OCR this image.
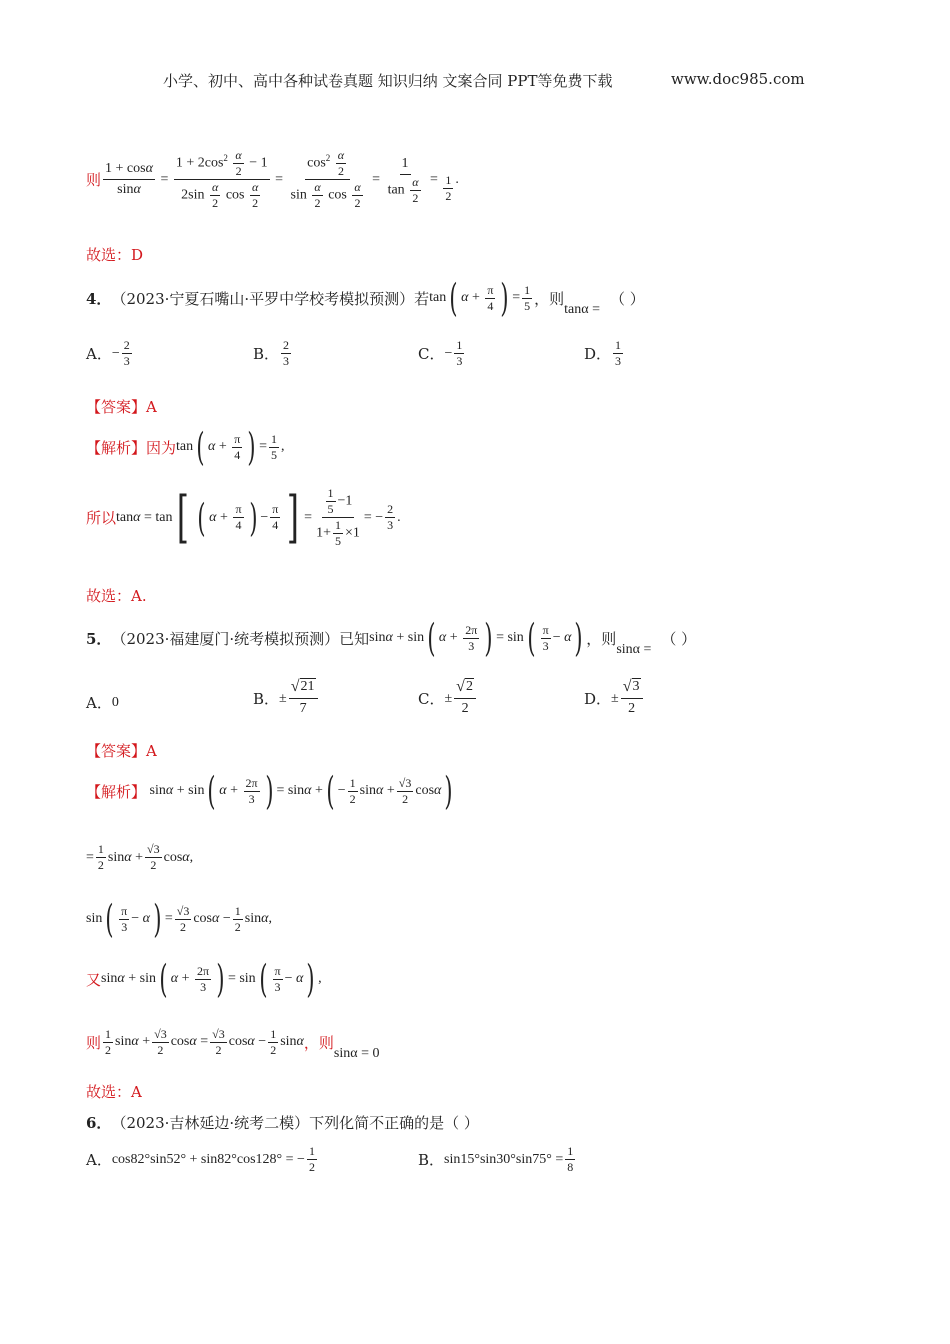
小学、初中、高中各种试卷真题 知识归纳 文案合同 PPT等免费下载	www.doc985.com
则 $\frac{1 + \cos\alpha}{\sin\alpha} = \frac{1 + 2\cos^2 \frac{\alpha}{2} - 1}{2\sin \frac{\alpha}{2} \cos \frac{\alpha}{2}} = \frac{\cos^2 \frac{\alpha}{2}}{\sin \frac{\alpha}{2} \cos \frac{\alpha}{2}} = \frac{1}{\tan \frac{\alpha}{2}} = \frac{1}{2}$ .
故选：D
4． （2023·宁夏石嘴山·平罗中学校考模拟预测）若 tan ( $\alpha + \frac{\pi}{4}$ ) = $\frac{1}{5}$ ，则
tanα =
（ ）
A． − $\frac{2}{3}$	B． $\frac{2}{3}$	C． − $\frac{1}{3}$	D． $\frac{1}{3}$
【答案】A
【解析】 因为 tan ( $\alpha + \frac{\pi}{4}$ ) = $\frac{1}{5}$ ,
所以 tanα = tan [ ( $\alpha + \frac{\pi}{4}$ ) − $\frac{\pi}{4}$ ] = $\frac{\frac{1}{5} -1}{1+ \frac{1}{5} \times 1}$ = − $\frac{2}{3}$ .
故选：A.
5． （2023·福建厦门·统考模拟预测）已知 sinα + sin ( $\alpha + \frac{2\pi}{3}$ ) = sin ( $\frac{\pi}{3} - \alpha$ ) ，则
sinα =
（ ）
A． 0	B． ± $\frac{√ 21}{7}$	C． ± $\frac{√ 2}{2}$	D． ± $\frac{√ 3}{2}$
【答案】A
【解析】 sinα + sin ( $\alpha + \frac{2\pi}{3}$ ) = sinα + ( − $\frac{1}{2}$ $\sin\alpha + \frac{√3}{2}$ cosα )
= $\frac{1}{2}$ $\sin\alpha + \frac{√3}{2}$ cosα ,
sin ( $\frac{\pi}{3} - \alpha$ ) = $\frac{√3}{2}$ $\cos\alpha - \frac{1}{2}$ sinα ,
又 sinα + sin ( $\alpha + \frac{2\pi}{3}$ ) = sin ( $\frac{\pi}{3} - \alpha$ ) ,
则 $\frac{1}{2}$ $\sin\alpha + \frac{√3}{2}$ $\cos\alpha = \frac{√3}{2}$ $\cos\alpha - \frac{1}{2}$ sinα ，则
sinα = 0
故选：A
6． （2023·吉林延边·统考二模）下列化简不正确的是（ ）
A． cos82°sin52° + sin82°cos128° = − $\frac{1}{2}$	B． $\sin 15^\circ\sin 30^\circ\sin 75^\circ = \frac{1}{8}$
